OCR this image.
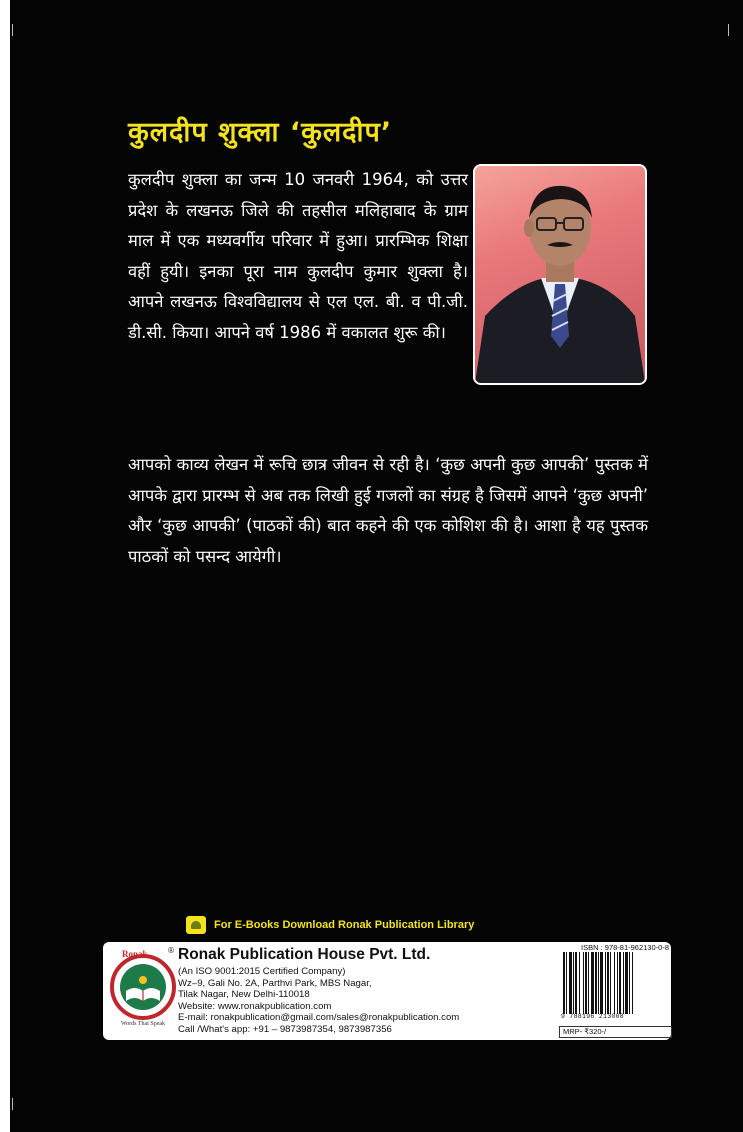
कुलदीप शुक्ला ‘कुलदीप’
कुलदीप शुक्ला का जन्म 10 जनवरी 1964, को उत्तर प्रदेश के लखनऊ जिले की तहसील मलिहाबाद के ग्राम माल में एक मध्यवर्गीय परिवार में हुआ। प्रारम्भिक शिक्षा वहीं हुयी। इनका पूरा नाम कुलदीप कुमार शुक्ला है। आपने लखनऊ विश्वविद्यालय से एल एल. बी. व पी.जी. डी.सी. किया। आपने वर्ष 1986 में वकालत शुरू की।
आपको काव्य लेखन में रूचि छात्र जीवन से रही है। ‘कुछ अपनी कुछ आपकी’ पुस्तक में आपके द्वारा प्रारम्भ से अब तक लिखी हुई गजलों का संग्रह है जिसमें आपने ‘कुछ अपनी’ और ‘कुछ आपकी’ (पाठकों की) बात कहने की एक कोशिश की है। आशा है यह पुस्तक पाठकों को पसन्द आयेगी।
For E-Books Download Ronak Publication Library
Ronak
Words That Speak
® Ronak Publication House Pvt. Ltd.
(An ISO 9001:2015 Certified Company)
Wz–9, Gali No. 2A, Parthvi Park, MBS Nagar,
Tilak Nagar, New Delhi-110018
Website: www.ronakpublication.com
E-mail: ronakpublication@gmail.com/sales@ronakpublication.com
Call /What's app: +91 – 9873987354, 9873987356
ISBN : 978-81-962130-0-8
9 788196 213008
MRP- ₹320-/
